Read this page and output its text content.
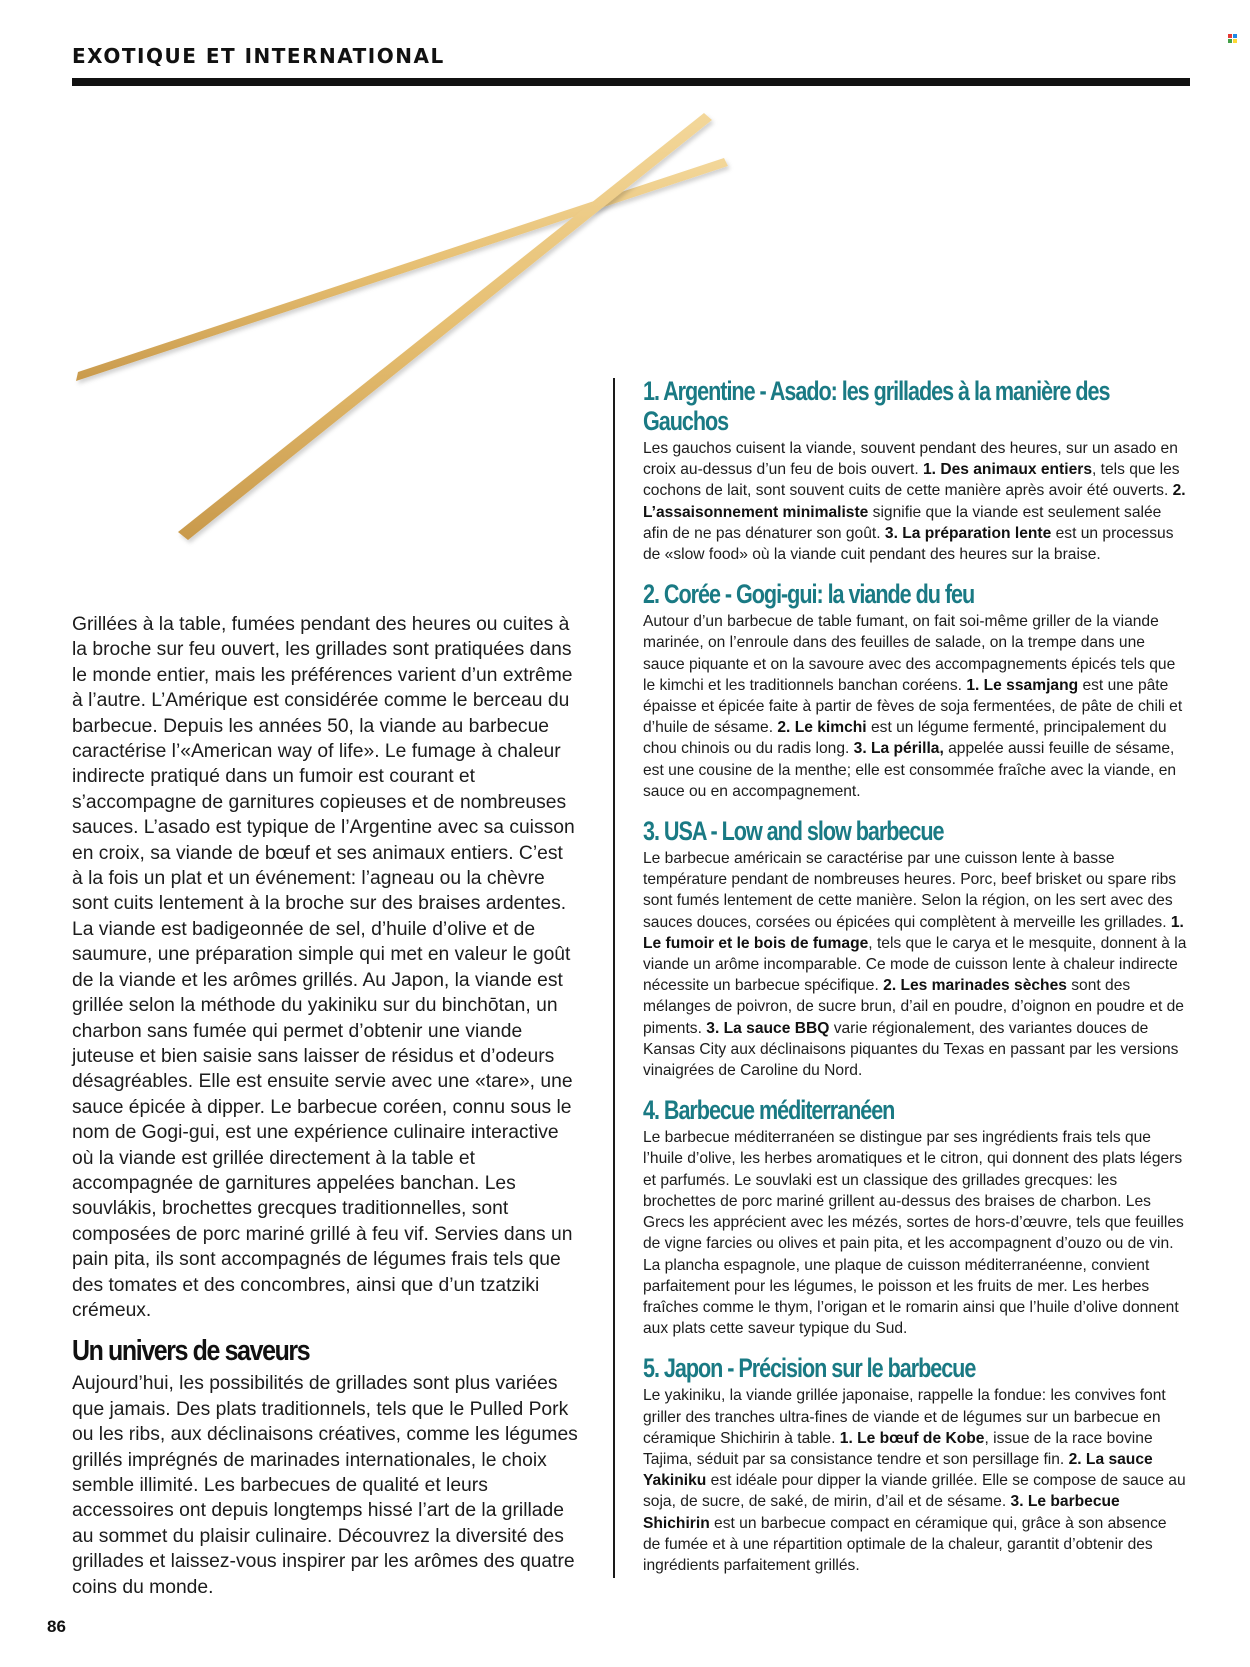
EXOTIQUE ET INTERNATIONAL

Grillées à la table, fumées pendant des heures ou cuites à la broche sur feu ouvert, les grillades sont pratiquées dans le monde entier, mais les préférences varient d’un extrême à l’autre. L’Amérique est considérée comme le berceau du barbecue. Depuis les années 50, la viande au barbecue caractérise l’«American way of life». Le fumage à chaleur indirecte pratiqué dans un fumoir est courant et s’accompagne de garnitures copieuses et de nombreuses sauces. L’asado est typique de l’Argentine avec sa cuisson en croix, sa viande de bœuf et ses animaux entiers. C’est à la fois un plat et un événement: l’agneau ou la chèvre sont cuits lentement à la broche sur des braises ardentes. La viande est badigeonnée de sel, d’huile d’olive et de saumure, une préparation simple qui met en valeur le goût de la viande et les arômes grillés. Au Japon, la viande est grillée selon la méthode du yakiniku sur du binchōtan, un charbon sans fumée qui permet d’obtenir une viande juteuse et bien saisie sans laisser de résidus et d’odeurs désagréables. Elle est ensuite servie avec une «tare», une sauce épicée à dipper. Le barbecue coréen, connu sous le nom de Gogi-gui, est une expérience culinaire interactive où la viande est grillée directement à la table et accompagnée de garnitures appelées banchan. Les souvlákis, brochettes grecques traditionnelles, sont composées de porc mariné grillé à feu vif. Servies dans un pain pita, ils sont accompagnés de légumes frais tels que des tomates et des concombres, ainsi que d’un tzatziki crémeux.

Un univers de saveurs

Aujourd’hui, les possibilités de grillades sont plus variées que jamais. Des plats traditionnels, tels que le Pulled Pork ou les ribs, aux déclinaisons créatives, comme les légumes grillés imprégnés de marinades internationales, le choix semble illimité. Les barbecues de qualité et leurs accessoires ont depuis longtemps hissé l’art de la grillade au sommet du plaisir culinaire. Découvrez la diversité des grillades et laissez-vous inspirer par les arômes des quatre coins du monde.

1. Argentine - Asado: les grillades à la manière des Gauchos

Les gauchos cuisent la viande, souvent pendant des heures, sur un asado en croix au-dessus d’un feu de bois ouvert. 1. Des animaux entiers, tels que les cochons de lait, sont souvent cuits de cette manière après avoir été ouverts. 2. L’assaisonnement minimaliste signifie que la viande est seulement salée afin de ne pas dénaturer son goût. 3. La préparation lente est un processus de «slow food» où la viande cuit pendant des heures sur la braise.

2. Corée - Gogi-gui: la viande du feu

Autour d’un barbecue de table fumant, on fait soi-même griller de la viande marinée, on l’enroule dans des feuilles de salade, on la trempe dans une sauce piquante et on la savoure avec des accompagnements épicés tels que le kimchi et les traditionnels banchan coréens. 1. Le ssamjang est une pâte épaisse et épicée faite à partir de fèves de soja fermentées, de pâte de chili et d’huile de sésame. 2. Le kimchi est un légume fermenté, principalement du chou chinois ou du radis long. 3. La périlla, appelée aussi feuille de sésame, est une cousine de la menthe; elle est consommée fraîche avec la viande, en sauce ou en accompagnement.

3. USA - Low and slow barbecue

Le barbecue américain se caractérise par une cuisson lente à basse température pendant de nombreuses heures. Porc, beef brisket ou spare ribs sont fumés lentement de cette manière. Selon la région, on les sert avec des sauces douces, corsées ou épicées qui complètent à merveille les grillades. 1. Le fumoir et le bois de fumage, tels que le carya et le mesquite, donnent à la viande un arôme incomparable. Ce mode de cuisson lente à chaleur indirecte nécessite un barbecue spécifique. 2. Les marinades sèches sont des mélanges de poivron, de sucre brun, d’ail en poudre, d’oignon en poudre et de piments. 3. La sauce BBQ varie régionalement, des variantes douces de Kansas City aux déclinaisons piquantes du Texas en passant par les versions vinaigrées de Caroline du Nord.

4. Barbecue méditerranéen

Le barbecue méditerranéen se distingue par ses ingrédients frais tels que l’huile d’olive, les herbes aromatiques et le citron, qui donnent des plats légers et parfumés. Le souvlaki est un classique des grillades grecques: les brochettes de porc mariné grillent au-dessus des braises de charbon. Les Grecs les apprécient avec les mézés, sortes de hors-d’œuvre, tels que feuilles de vigne farcies ou olives et pain pita, et les accompagnent d’ouzo ou de vin. La plancha espagnole, une plaque de cuisson méditerranéenne, convient parfaitement pour les légumes, le poisson et les fruits de mer. Les herbes fraîches comme le thym, l’origan et le romarin ainsi que l’huile d’olive donnent aux plats cette saveur typique du Sud.

5. Japon - Précision sur le barbecue

Le yakiniku, la viande grillée japonaise, rappelle la fondue: les convives font griller des tranches ultra-fines de viande et de légumes sur un barbecue en céramique Shichirin à table. 1. Le bœuf de Kobe, issue de la race bovine Tajima, séduit par sa consistance tendre et son persillage fin. 2. La sauce Yakiniku est idéale pour dipper la viande grillée. Elle se compose de sauce au soja, de sucre, de saké, de mirin, d’ail et de sésame. 3. Le barbecue Shichirin est un barbecue compact en céramique qui, grâce à son absence de fumée et à une répartition optimale de la chaleur, garantit d’obtenir des ingrédients parfaitement grillés.

86
